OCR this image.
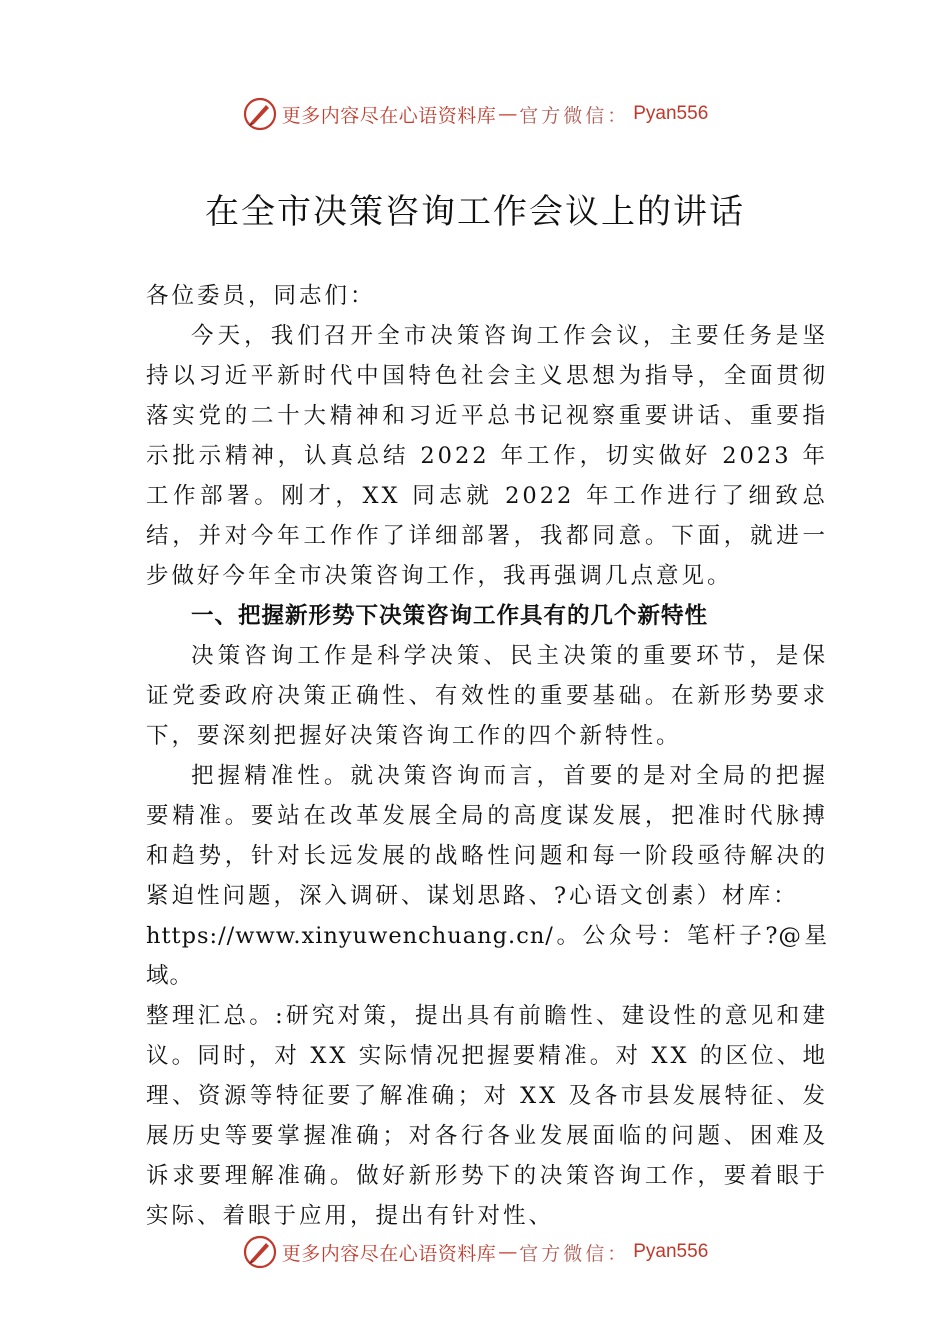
更多内容尽在心语资料库 — 官方微信： Pyan556
在全市决策咨询工作会议上的讲话

各位委员，同志们：

今天，我们召开全市决策咨询工作会议，主要任务是坚持以习近平新时代中国特色社会主义思想为指导，全面贯彻落实党的二十大精神和习近平总书记视察重要讲话、重要指示批示精神，认真总结 2022 年工作，切实做好 2023 年工作部署。刚才，XX 同志就 2022 年工作进行了细致总结，并对今年工作作了详细部署，我都同意。下面，就进一步做好今年全市决策咨询工作，我再强调几点意见。

一、把握新形势下决策咨询工作具有的几个新特性

决策咨询工作是科学决策、民主决策的重要环节，是保证党委政府决策正确性、有效性的重要基础。在新形势要求下，要深刻把握好决策咨询工作的四个新特性。

把握精准性。就决策咨询而言，首要的是对全局的把握要精准。要站在改革发展全局的高度谋发展，把准时代脉搏和趋势，针对长远发展的战略性问题和每一阶段亟待解决的紧迫性问题，深入调研、谋划思路、?心语文创素）材库：

https://www.xinyuwenchuang.cn/。公众号：笔杆子?@星域。

整理汇总。:研究对策，提出具有前瞻性、建设性的意见和建议。同时，对 XX 实际情况把握要精准。对 XX 的区位、地理、资源等特征要了解准确；对 XX 及各市县发展特征、发展历史等要掌握准确；对各行各业发展面临的问题、困难及诉求要理解准确。做好新形势下的决策咨询工作，要着眼于实际、着眼于应用，提出有针对性、

更多内容尽在心语资料库 — 官方微信： Pyan556
